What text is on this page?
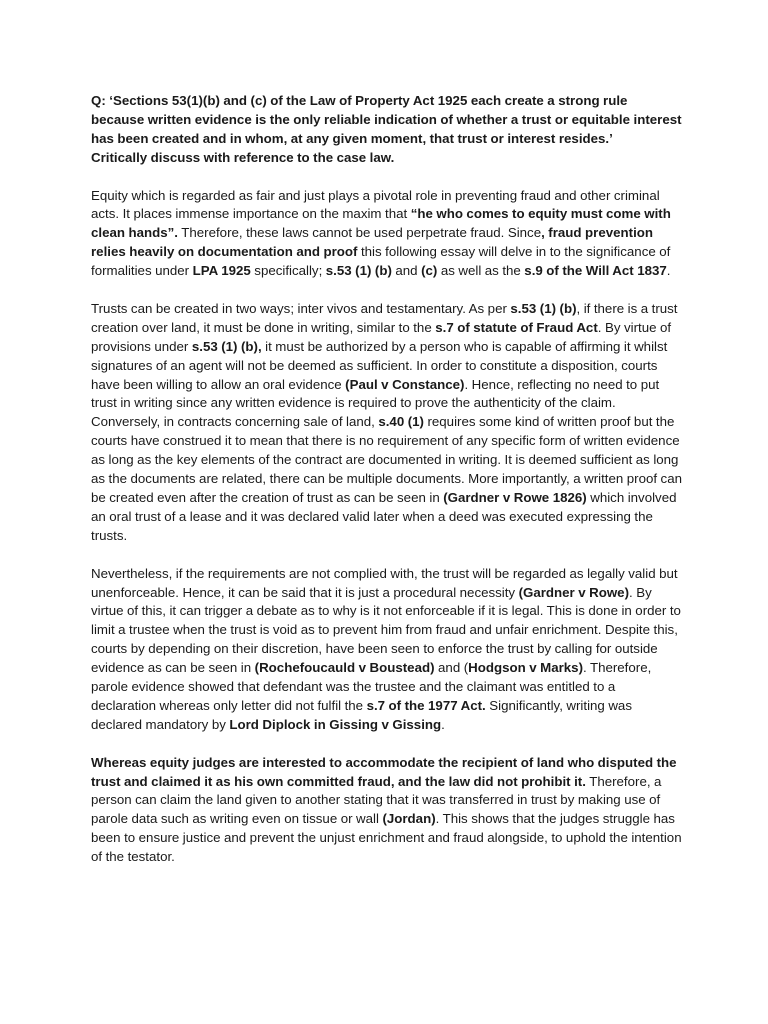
Q: ‘Sections 53(1)(b) and (c) of the Law of Property Act 1925 each create a strong rule because written evidence is the only reliable indication of whether a trust or equitable interest has been created and in whom, at any given moment, that trust or interest resides.’
Critically discuss with reference to the case law.

Equity which is regarded as fair and just plays a pivotal role in preventing fraud and other criminal acts. It places immense importance on the maxim that “he who comes to equity must come with clean hands”. Therefore, these laws cannot be used perpetrate fraud. Since, fraud prevention relies heavily on documentation and proof this following essay will delve in to the significance of formalities under LPA 1925 specifically; s.53 (1) (b) and (c) as well as the s.9 of the Will Act 1837.

Trusts can be created in two ways; inter vivos and testamentary. As per s.53 (1) (b), if there is a trust creation over land, it must be done in writing, similar to the s.7 of statute of Fraud Act. By virtue of provisions under s.53 (1) (b), it must be authorized by a person who is capable of affirming it whilst signatures of an agent will not be deemed as sufficient. In order to constitute a disposition, courts have been willing to allow an oral evidence (Paul v Constance). Hence, reflecting no need to put trust in writing since any written evidence is required to prove the authenticity of the claim. Conversely, in contracts concerning sale of land, s.40 (1) requires some kind of written proof but the courts have construed it to mean that there is no requirement of any specific form of written evidence as long as the key elements of the contract are documented in writing. It is deemed sufficient as long as the documents are related, there can be multiple documents. More importantly, a written proof can be created even after the creation of trust as can be seen in (Gardner v Rowe 1826) which involved an oral trust of a lease and it was declared valid later when a deed was executed expressing the trusts.

Nevertheless, if the requirements are not complied with, the trust will be regarded as legally valid but unenforceable. Hence, it can be said that it is just a procedural necessity (Gardner v Rowe). By virtue of this, it can trigger a debate as to why is it not enforceable if it is legal. This is done in order to limit a trustee when the trust is void as to prevent him from fraud and unfair enrichment. Despite this, courts by depending on their discretion, have been seen to enforce the trust by calling for outside evidence as can be seen in (Rochefoucauld v Boustead) and (Hodgson v Marks). Therefore, parole evidence showed that defendant was the trustee and the claimant was entitled to a declaration whereas only letter did not fulfil the s.7 of the 1977 Act. Significantly, writing was declared mandatory by Lord Diplock in Gissing v Gissing.

Whereas equity judges are interested to accommodate the recipient of land who disputed the trust and claimed it as his own committed fraud, and the law did not prohibit it. Therefore, a person can claim the land given to another stating that it was transferred in trust by making use of parole data such as writing even on tissue or wall (Jordan). This shows that the judges struggle has been to ensure justice and prevent the unjust enrichment and fraud alongside, to uphold the intention of the testator.
